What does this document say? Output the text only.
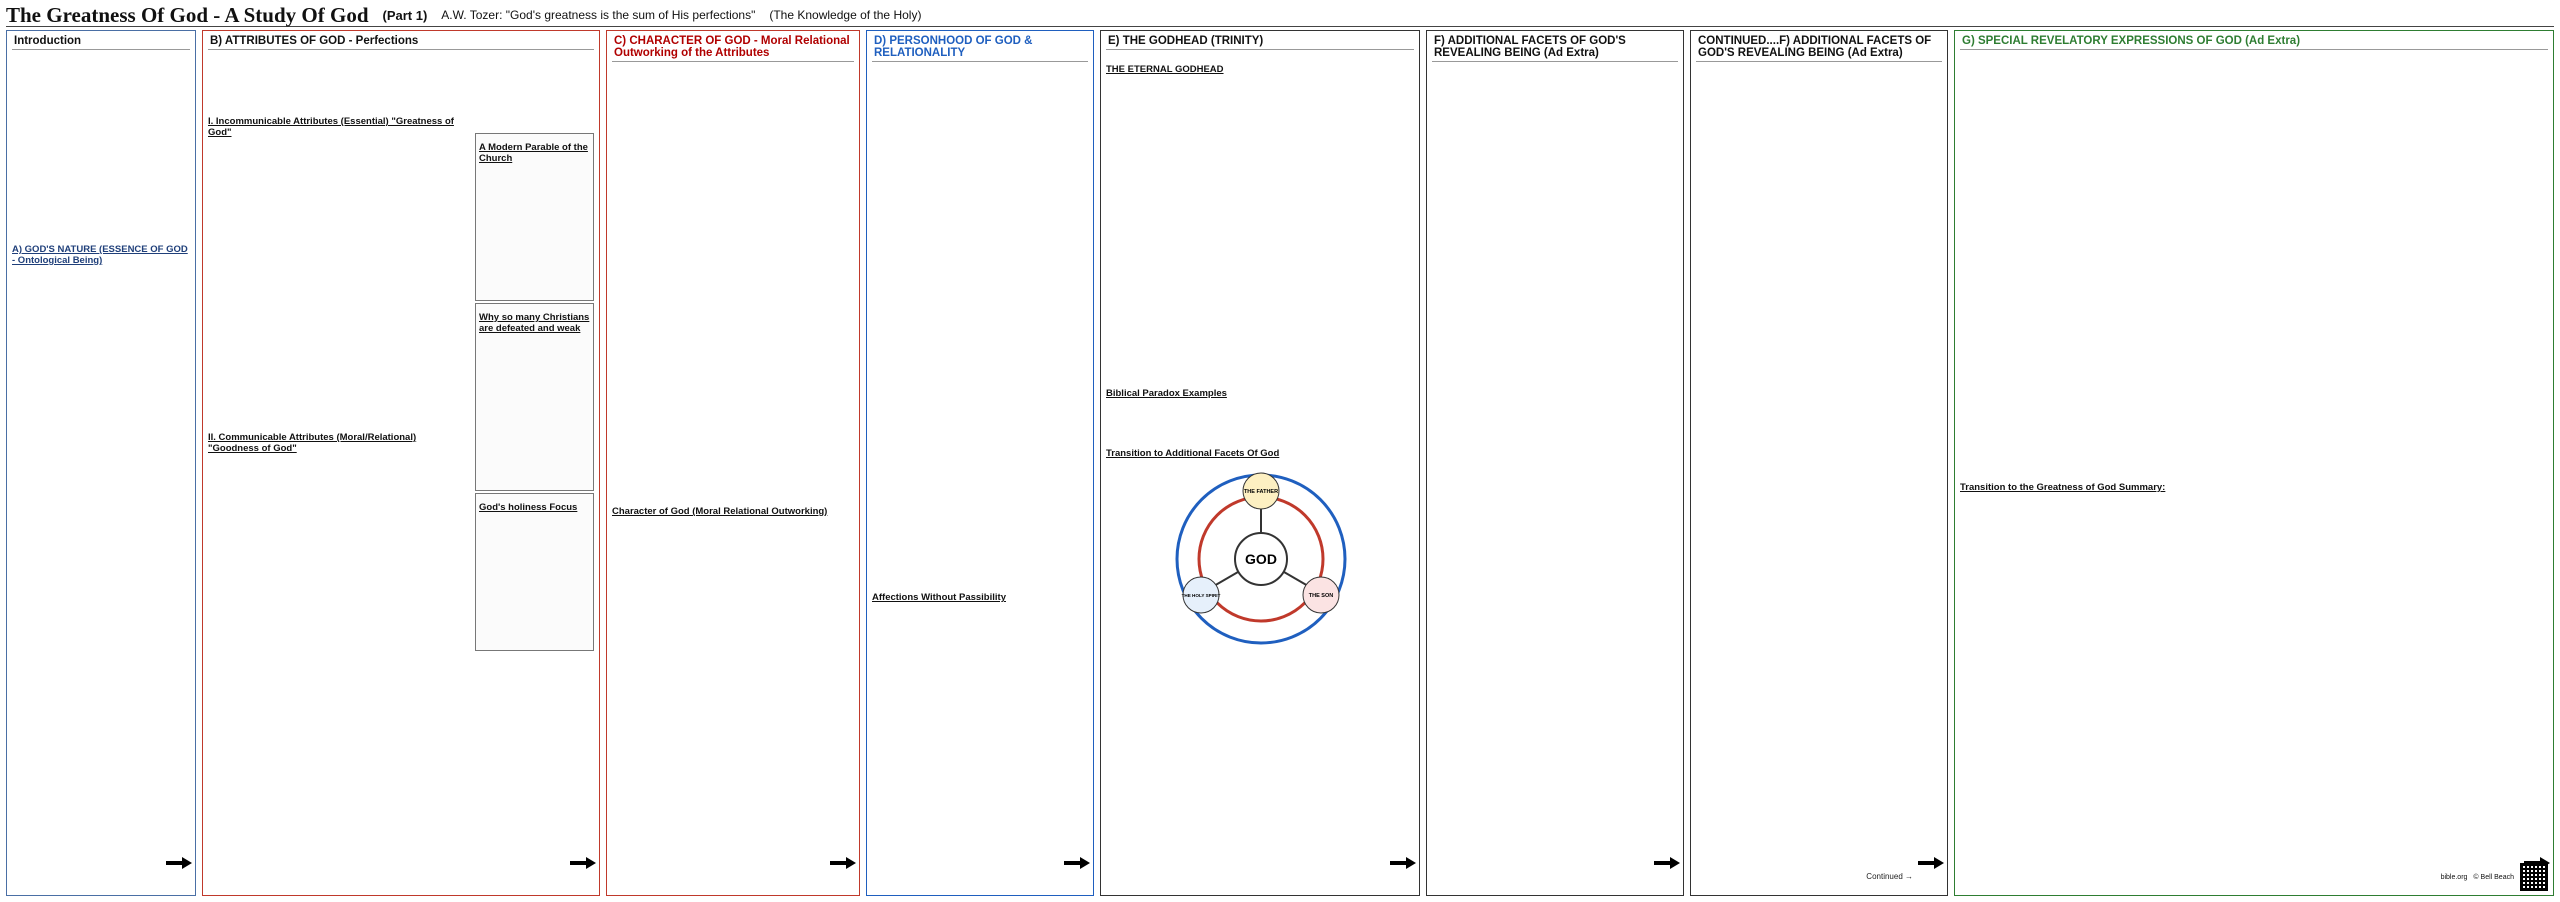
The Greatness Of God - A Study Of God (Part 1) A.W. Tozer: "God's greatness is the sum of His perfections" (The Knowledge of the Holy)
Introduction
A) GOD'S NATURE (ESSENCE OF GOD - Ontological Being)
B) ATTRIBUTES OF GOD - Perfections
I. Incommunicable Attributes (Essential) "Greatness of God"
II. Communicable Attributes (Moral/Relational) "Goodness of God"
A Modern Parable of the Church
Why so many Christians are defeated and weak
God's holiness Focus
C) CHARACTER OF GOD - Moral Relational Outworking of the Attributes
Character of God (Moral Relational Outworking)
D) PERSONHOOD OF GOD & RELATIONALITY
Affections Without Passibility
E) THE GODHEAD (TRINITY)
THE ETERNAL GODHEAD
Biblical Paradox Examples
Transition to Additional Facets Of God
GOD
THE FATHER
THE HOLY SPIRIT	THE SON
F) ADDITIONAL FACETS OF GOD'S REVEALING BEING (Ad Extra)
CONTINUED....F) ADDITIONAL FACETS OF GOD'S REVEALING BEING (Ad Extra)
Continued →
G) SPECIAL REVELATORY EXPRESSIONS OF GOD (Ad Extra)
Transition to the Greatness of God Summary:
bible.org © Bell Beach
